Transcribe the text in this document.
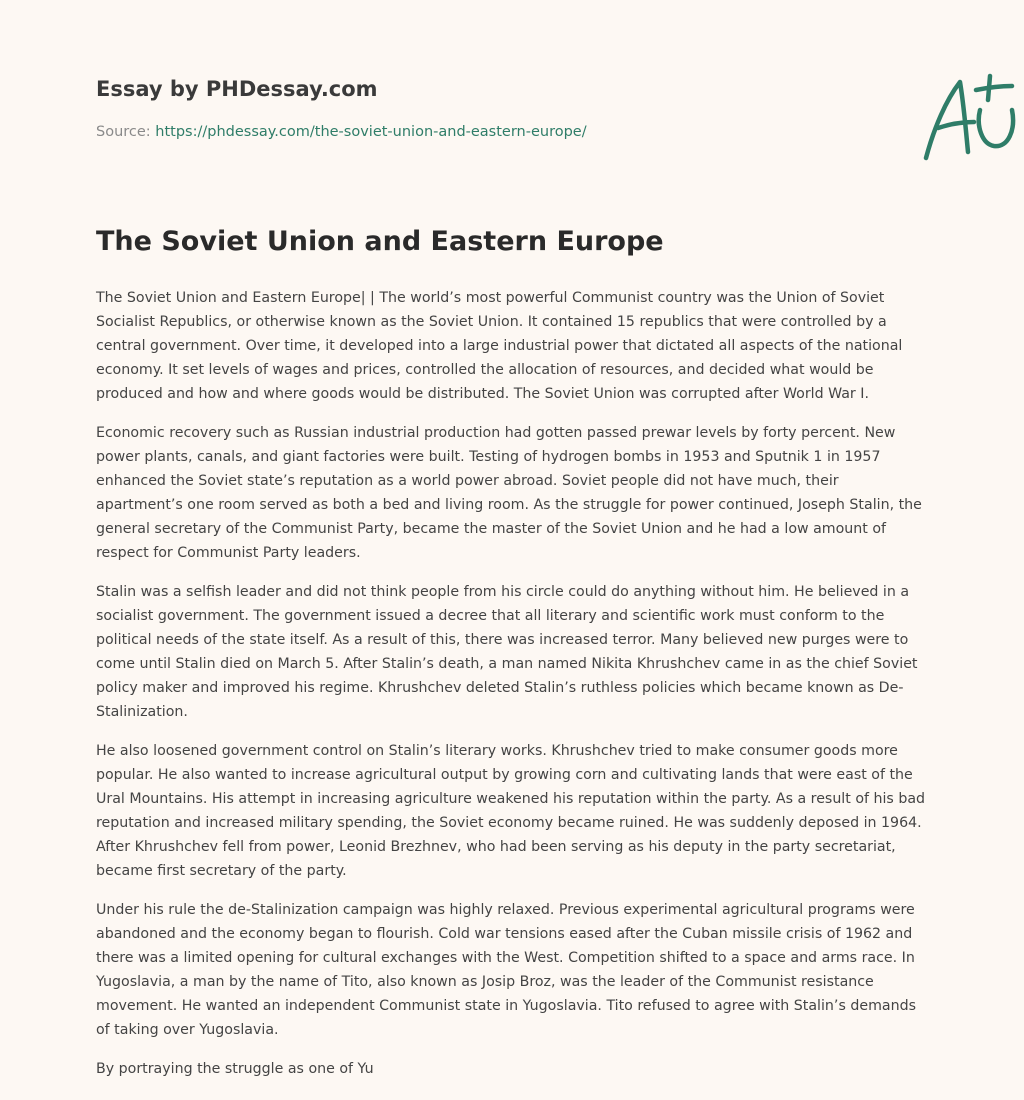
Essay by PHDessay.com
Source: https://phdessay.com/the-soviet-union-and-eastern-europe/
The Soviet Union and Eastern Europe

The Soviet Union and Eastern Europe| | The world’s most powerful Communist country was the Union of Soviet Socialist Republics, or otherwise known as the Soviet Union. It contained 15 republics that were controlled by a central government. Over time, it developed into a large industrial power that dictated all aspects of the national economy. It set levels of wages and prices, controlled the allocation of resources, and decided what would be produced and how and where goods would be distributed. The Soviet Union was corrupted after World War I.

Economic recovery such as Russian industrial production had gotten passed prewar levels by forty percent. New power plants, canals, and giant factories were built. Testing of hydrogen bombs in 1953 and Sputnik 1 in 1957 enhanced the Soviet state’s reputation as a world power abroad. Soviet people did not have much, their apartment’s one room served as both a bed and living room. As the struggle for power continued, Joseph Stalin, the general secretary of the Communist Party, became the master of the Soviet Union and he had a low amount of respect for Communist Party leaders.

Stalin was a selfish leader and did not think people from his circle could do anything without him. He believed in a socialist government. The government issued a decree that all literary and scientific work must conform to the political needs of the state itself. As a result of this, there was increased terror. Many believed new purges were to come until Stalin died on March 5. After Stalin’s death, a man named Nikita Khrushchev came in as the chief Soviet policy maker and improved his regime. Khrushchev deleted Stalin’s ruthless policies which became known as De-Stalinization.

He also loosened government control on Stalin’s literary works. Khrushchev tried to make consumer goods more popular. He also wanted to increase agricultural output by growing corn and cultivating lands that were east of the Ural Mountains. His attempt in increasing agriculture weakened his reputation within the party. As a result of his bad reputation and increased military spending, the Soviet economy became ruined. He was suddenly deposed in 1964. After Khrushchev fell from power, Leonid Brezhnev, who had been serving as his deputy in the party secretariat, became first secretary of the party.

Under his rule the de-Stalinization campaign was highly relaxed. Previous experimental agricultural programs were abandoned and the economy began to flourish. Cold war tensions eased after the Cuban missile crisis of 1962 and there was a limited opening for cultural exchanges with the West. Competition shifted to a space and arms race. In Yugoslavia, a man by the name of Tito, also known as Josip Broz, was the leader of the Communist resistance movement. He wanted an independent Communist state in Yugoslavia. Tito refused to agree with Stalin’s demands of taking over Yugoslavia.

By portraying the struggle as one of Yu
